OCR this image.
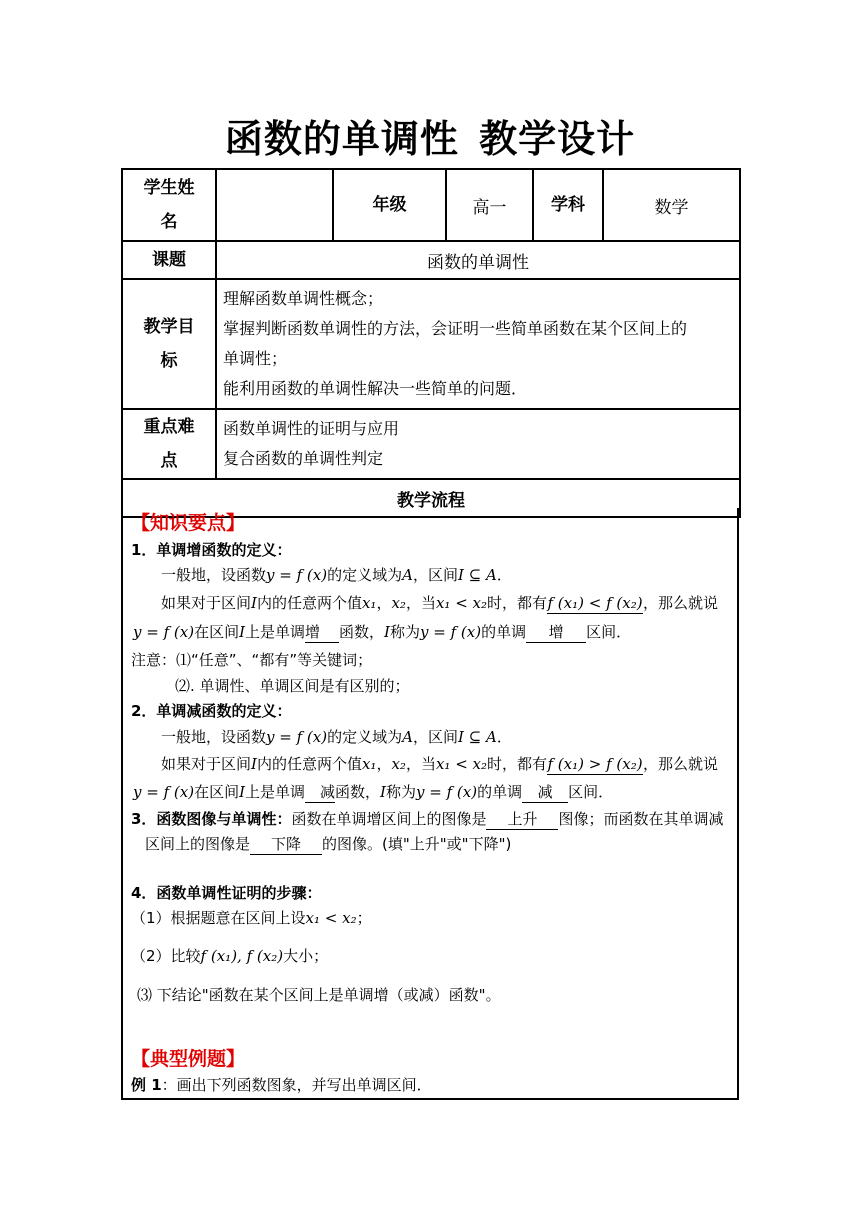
函数的单调性 教学设计
学生姓名		年级	高一	学科	数学
课题	函数的单调性				

教学目标	理解函数单调性概念；
掌握判断函数单调性的方法，会证明一些简单函数在某个区间上的
单调性；
能利用函数的单调性解决一些简单的问题．				

重点难点	函数单调性的证明与应用
复合函数的单调性判定				

教学流程					
【知识要点】
1．单调增函数的定义：
一般地，设函数y = f (x)的定义域为A，区间I ⊆ A．
如果对于区间I内的任意两个值x₁，x₂，当x₁ < x₂时，都有f (x₁) < f (x₂)，那么就说
y = f (x)在区间I上是单调增 函数，I称为y = f (x)的单调 增 区间．
注意：⑴“任意”、“都有”等关键词；
⑵. 单调性、单调区间是有区别的；
2．单调减函数的定义：
一般地，设函数y = f (x)的定义域为A，区间I ⊆ A．
如果对于区间I内的任意两个值x₁，x₂，当x₁ < x₂时，都有f (x₁) > f (x₂)，那么就说
y = f (x)在区间I上是单调 减函数，I称为y = f (x)的单调 减 区间．
3．函数图像与单调性：函数在单调增区间上的图像是 上升 图像；而函数在其单调减
区间上的图像是 下降 的图像。(填"上升"或"下降")
4．函数单调性证明的步骤：
（1）根据题意在区间上设x₁ < x₂；
（2）比较f (x₁), f (x₂)大小；
⑶ 下结论"函数在某个区间上是单调增（或减）函数"。
【典型例题】
例 1：画出下列函数图象，并写出单调区间．
